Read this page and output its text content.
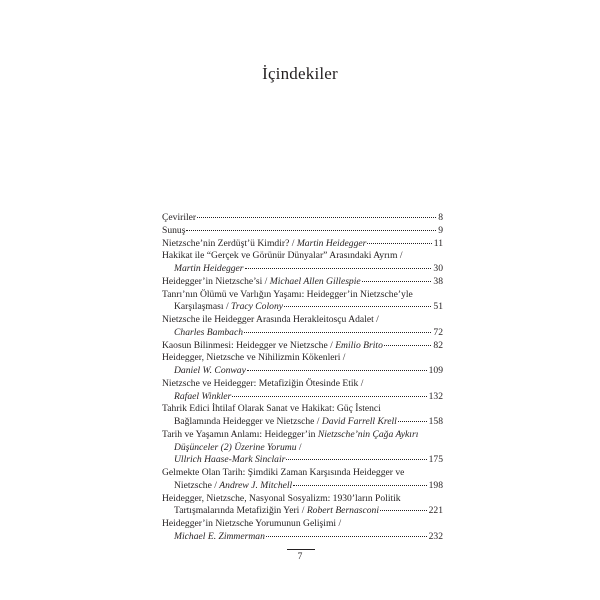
İçindekiler
Çeviriler	8
Sunuş	9
Nietzsche’nin Zerdüşt’ü Kimdir? / Martin Heidegger	11
Hakikat ile “Gerçek ve Görünür Dünyalar” Arasındaki Ayrım /
Martin Heidegger	30
Heidegger’in Nietzsche’si / Michael Allen Gillespie	38
Tanrı’nın Ölümü ve Varlığın Yaşamı: Heidegger’in Nietzsche’yle
Karşılaşması / Tracy Colony	51
Nietzsche ile Heidegger Arasında Herakleitosçu Adalet /
Charles Bambach	72
Kaosun Bilinmesi: Heidegger ve Nietzsche / Emilio Brito	82
Heidegger, Nietzsche ve Nihilizmin Kökenleri /
Daniel W. Conway	109
Nietzsche ve Heidegger: Metafiziğin Ötesinde Etik /
Rafael Winkler	132
Tahrik Edici İhtilaf Olarak Sanat ve Hakikat: Güç İstenci
Bağlamında Heidegger ve Nietzsche / David Farrell Krell	158
Tarih ve Yaşamın Anlamı: Heidegger’in Nietzsche’nin Çağa Aykırı
Düşünceler (2) Üzerine Yorumu /
Ullrich Haase-Mark Sinclair	175
Gelmekte Olan Tarih: Şimdiki Zaman Karşısında Heidegger ve
Nietzsche / Andrew J. Mitchell	198
Heidegger, Nietzsche, Nasyonal Sosyalizm: 1930’ların Politik
Tartışmalarında Metafiziğin Yeri / Robert Bernasconi	221
Heidegger’in Nietzsche Yorumunun Gelişimi /
Michael E. Zimmerman	232
7
